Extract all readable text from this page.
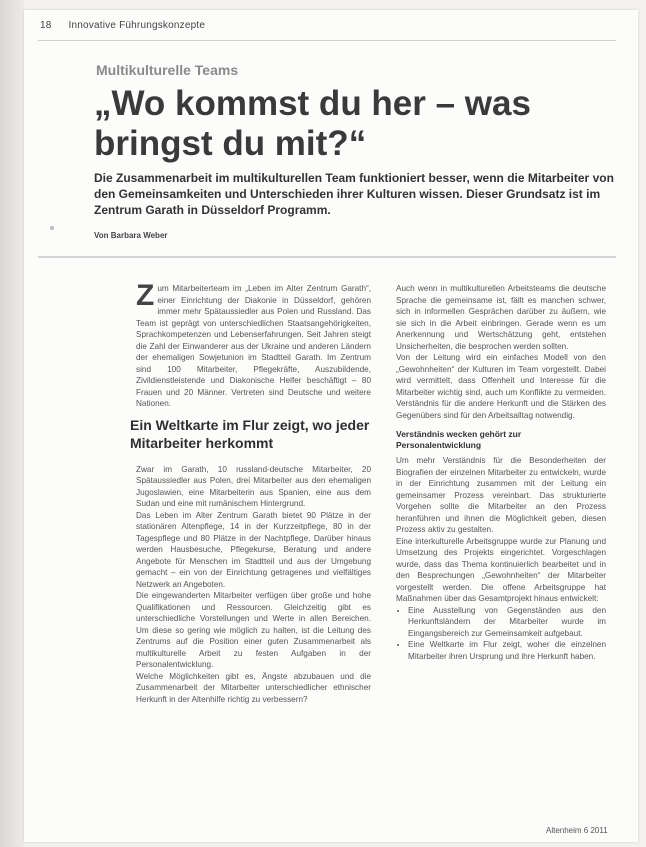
18 Innovative Führungskonzepte
Multikulturelle Teams
„Wo kommst du her – was bringst du mit?“
Die Zusammenarbeit im multikulturellen Team funktioniert besser, wenn die Mitarbeiter von den Gemeinsamkeiten und Unterschieden ihrer Kulturen wissen. Dieser Grundsatz ist im Zentrum Garath in Düsseldorf Programm.
Von Barbara Weber

Zum Mitarbeiterteam im „Leben im Alter Zentrum Garath“, einer Einrichtung der Diakonie in Düsseldorf, gehören immer mehr Spätaussiedler aus Polen und Russland. Das Team ist geprägt von unterschiedlichen Staatsangehörigkeiten, Sprachkompetenzen und Lebenserfahrungen. Seit Jahren steigt die Zahl der Einwanderer aus der Ukraine und anderen Ländern der ehemaligen Sowjetunion im Stadtteil Garath. Im Zentrum sind 100 Mitarbeiter, Pflegekräfte, Auszubildende, Zivildienstleistende und Diakonische Helfer beschäftigt – 80 Frauen und 20 Männer. Vertreten sind Deutsche und weitere Nationen.

Ein Weltkarte im Flur zeigt, wo jeder Mitarbeiter herkommt

Zwar im Garath, 10 russland-deutsche Mitarbeiter, 20 Spätaussiedler aus Polen, drei Mitarbeiter aus den ehemaligen Jugoslawien, eine Mitarbeiterin aus Spanien, eine aus dem Sudan und eine mit rumänischem Hintergrund.

Das Leben im Alter Zentrum Garath bietet 90 Plätze in der stationären Altenpflege, 14 in der Kurzzeitpflege, 80 in der Tagespflege und 80 Plätze in der Nachtpflege. Darüber hinaus werden Hausbesuche, Pflegekurse, Beratung und andere Angebote für Menschen im Stadtteil und aus der Umgebung gemacht – ein von der Einrichtung getragenes und vielfältiges Netzwerk an Angeboten.

Die eingewanderten Mitarbeiter verfügen über große und hohe Qualifikationen und Ressourcen. Gleichzeitig gibt es unterschiedliche Vorstellungen und Werte in allen Bereichen. Um diese so gering wie möglich zu halten, ist die Leitung des Zentrums auf die Position einer guten Zusammenarbeit als multikulturelle Arbeit zu festen Aufgaben in der Personalentwicklung.

Welche Möglichkeiten gibt es, Ängste abzubauen und die Zusammenarbeit der Mitarbeiter unterschiedlicher ethnischer Herkunft in der Altenhilfe richtig zu verbessern?

Auch wenn in multikulturellen Arbeitsteams die deutsche Sprache die gemeinsame ist, fällt es manchen schwer, sich in informellen Gesprächen darüber zu äußern, wie sie sich in die Arbeit einbringen. Gerade wenn es um Anerkennung und Wertschätzung geht, entstehen Unsicherheiten, die besprochen werden sollten.

Von der Leitung wird ein einfaches Modell von den „Gewohnheiten“ der Kulturen im Team vorgestellt. Dabei wird vermittelt, dass Offenheit und Interesse für die Mitarbeiter wichtig sind, auch um Konflikte zu vermeiden. Verständnis für die andere Herkunft und die Stärken des Gegenübers sind für den Arbeitsalltag notwendig.

Verständnis wecken gehört zur Personalentwicklung

Um mehr Verständnis für die Besonderheiten der Biografien der einzelnen Mitarbeiter zu entwickeln, wurde in der Einrichtung zusammen mit der Leitung ein gemeinsamer Prozess vereinbart. Das strukturierte Vorgehen sollte die Mitarbeiter an den Prozess heranführen und ihnen die Möglichkeit geben, diesen Prozess aktiv zu gestalten.

Eine interkulturelle Arbeitsgruppe wurde zur Planung und Umsetzung des Projekts eingerichtet. Vorgeschlagen wurde, dass das Thema kontinuierlich bearbeitet und in den Besprechungen „Gewohnheiten“ der Mitarbeiter vorgestellt werden. Die offene Arbeitsgruppe hat Maßnahmen über das Gesamtprojekt hinaus entwickelt:

• Eine Ausstellung von Gegenständen aus den Herkunftsländern der Mitarbeiter wurde im Eingangsbereich zur Gemeinsamkeit aufgebaut.
• Eine Weltkarte im Flur zeigt, woher die einzelnen Mitarbeiter ihren Ursprung und ihre Herkunft haben.
Altenheim 6 2011
